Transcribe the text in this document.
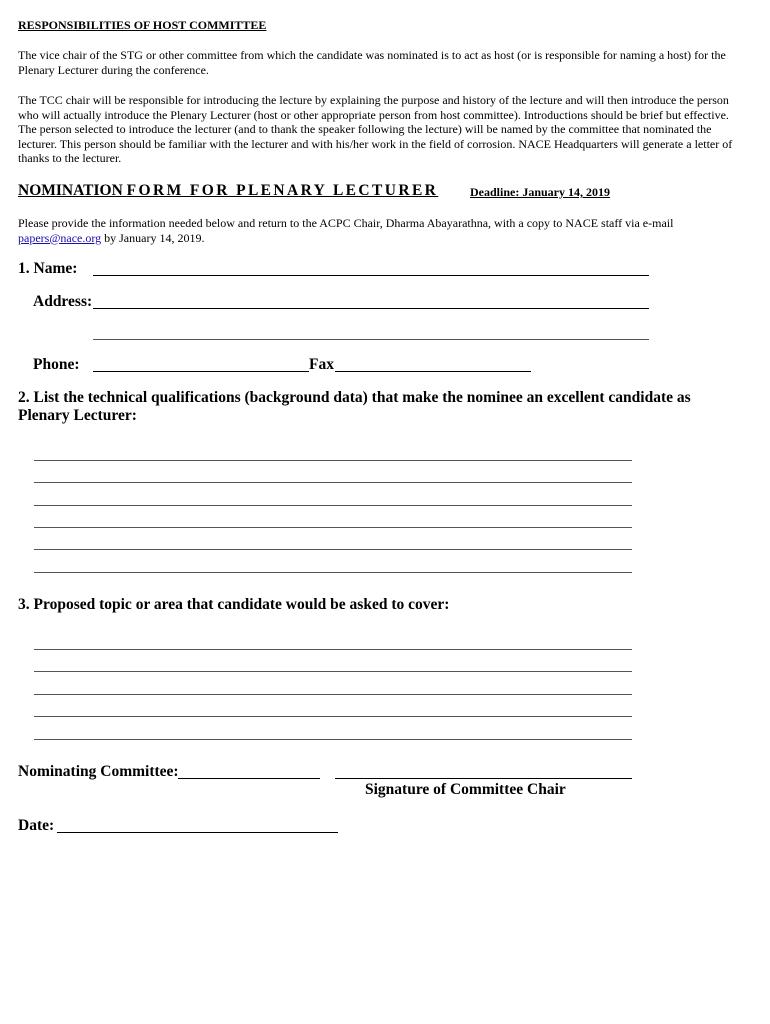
RESPONSIBILITIES OF HOST COMMITTEE
The vice chair of the STG or other committee from which the candidate was nominated is to act as host (or is responsible for naming a host) for the Plenary Lecturer during the conference.
The TCC chair will be responsible for introducing the lecture by explaining the purpose and history of the lecture and will then introduce the person who will actually introduce the Plenary Lecturer (host or other appropriate person from host committee). Introductions should be brief but effective. The person selected to introduce the lecturer (and to thank the speaker following the lecture) will be named by the committee that nominated the lecturer. This person should be familiar with the lecturer and with his/her work in the field of corrosion. NACE Headquarters will generate a letter of thanks to the lecturer.
NOMINATION FORM FOR PLENARY LECTURER	Deadline: January 14, 2019
Please provide the information needed below and return to the ACPC Chair, Dharma Abayarathna, with a copy to NACE staff via e-mail
papers@nace.org by January 14, 2019.
1. Name:
Address:
Phone:	Fax
2. List the technical qualifications (background data) that make the nominee an excellent candidate as Plenary Lecturer:
3. Proposed topic or area that candidate would be asked to cover:
Nominating Committee:
Signature of Committee Chair
Date:
